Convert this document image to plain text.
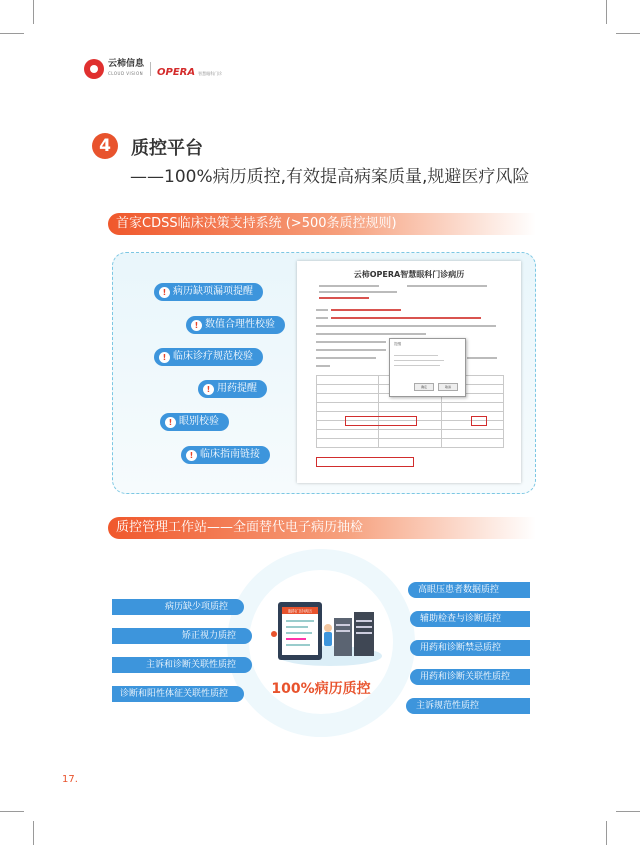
云柿信息
CLOUD VISION OPERA 智慧眼科门诊
4	质控平台
——100%病历质控,有效提高病案质量,规避医疗风险
首家CDSS临床决策支持系统 (>500条质控规则)
! 病历缺项漏项提醒
! 数值合理性校验
! 临床诊疗规范校验
! 用药提醒
! 眼别校验
! 临床指南链接
云柿OPERA智慧眼科门诊病历

提醒
确定	取消
质控管理工作站——全面替代电子病历抽检
眼科门诊病历
100%病历质控
病历缺少项质控
矫正视力质控
主诉和诊断关联性质控
诊断和阳性体征关联性质控
高眼压患者数据质控
辅助检查与诊断质控
用药和诊断禁忌质控
用药和诊断关联性质控
主诉规范性质控
17.
